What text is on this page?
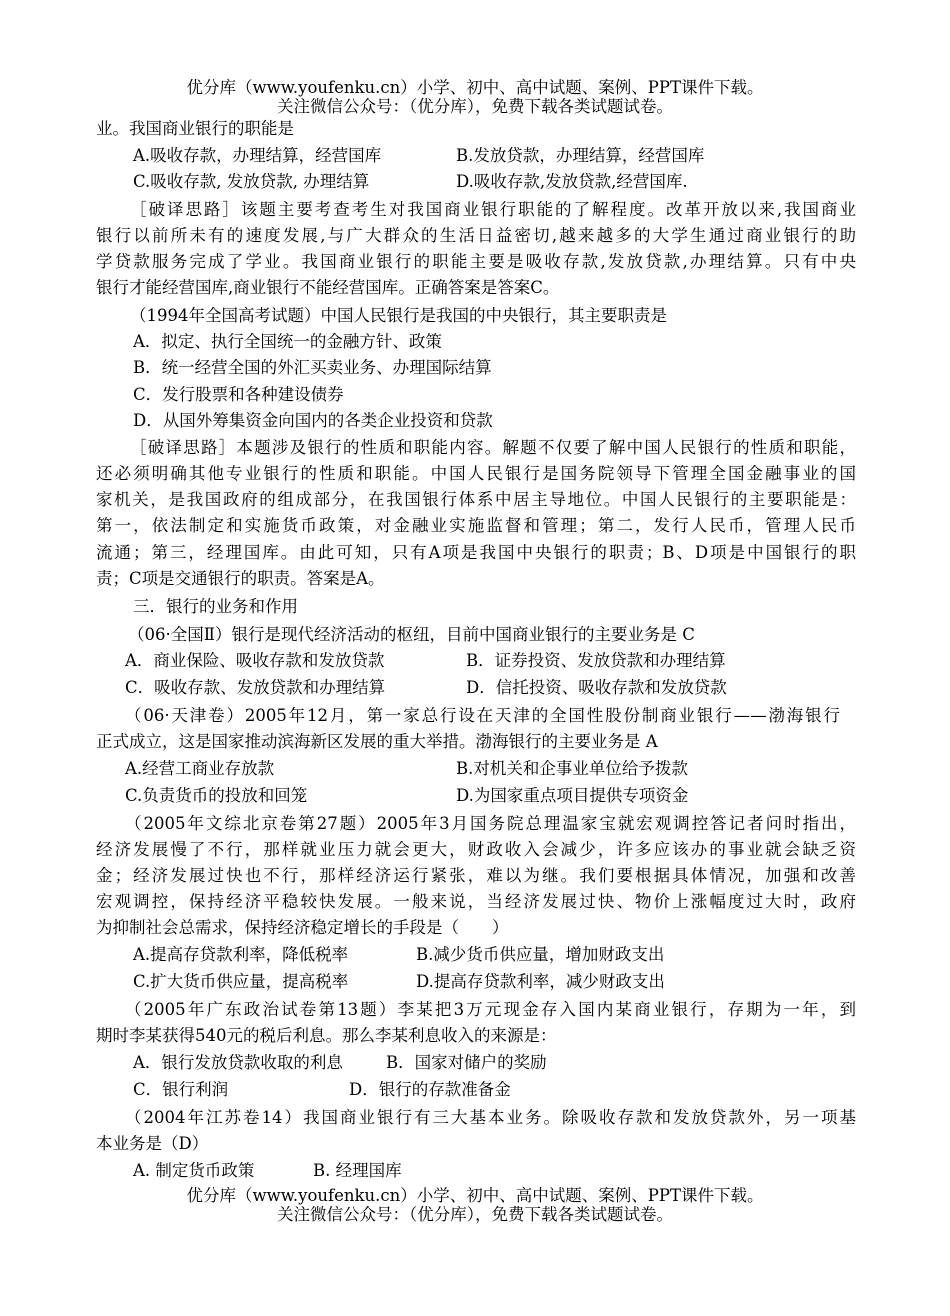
优分库（www.youfenku.cn）小学、初中、高中试题、案例、PPT课件下载。
关注微信公众号：（优分库），免费下载各类试题试卷。
业。我国商业银行的职能是
A.吸收存款，办理结算，经营国库	B.发放贷款，办理结算，经营国库
C.吸收存款, 发放贷款, 办理结算	D.吸收存款,发放贷款,经营国库.
［破译思路］该题主要考查考生对我国商业银行职能的了解程度。改革开放以来,我国商业
银行以前所未有的速度发展,与广大群众的生活日益密切,越来越多的大学生通过商业银行的助
学贷款服务完成了学业。我国商业银行的职能主要是吸收存款,发放贷款,办理结算。只有中央
银行才能经营国库,商业银行不能经营国库。正确答案是答案C。
（1994年全国高考试题）中国人民银行是我国的中央银行，其主要职责是
A．拟定、执行全国统一的金融方针、政策
B．统一经营全国的外汇买卖业务、办理国际结算
C．发行股票和各种建设债券
D．从国外筹集资金向国内的各类企业投资和贷款
［破译思路］本题涉及银行的性质和职能内容。解题不仅要了解中国人民银行的性质和职能，
还必须明确其他专业银行的性质和职能。中国人民银行是国务院领导下管理全国金融事业的国
家机关，是我国政府的组成部分，在我国银行体系中居主导地位。中国人民银行的主要职能是：
第一，依法制定和实施货币政策，对金融业实施监督和管理；第二，发行人民币，管理人民币
流通；第三，经理国库。由此可知，只有A项是我国中央银行的职责；B、D项是中国银行的职
责；C项是交通银行的职责。答案是A。
三．银行的业务和作用
（06·全国Ⅱ）银行是现代经济活动的枢纽，目前中国商业银行的主要业务是 C
A．商业保险、吸收存款和发放贷款	B．证券投资、发放贷款和办理结算
C．吸收存款、发放贷款和办理结算	D．信托投资、吸收存款和发放贷款
（06·天津卷）2005年12月，第一家总行设在天津的全国性股份制商业银行——渤海银行
正式成立，这是国家推动滨海新区发展的重大举措。渤海银行的主要业务是 A
A.经营工商业存放款	B.对机关和企事业单位给予拨款
C.负责货币的投放和回笼	D.为国家重点项目提供专项资金
（2005年文综北京卷第27题）2005年3月国务院总理温家宝就宏观调控答记者问时指出，
经济发展慢了不行，那样就业压力就会更大，财政收入会减少，许多应该办的事业就会缺乏资
金；经济发展过快也不行，那样经济运行紧张，难以为继。我们要根据具体情况，加强和改善
宏观调控，保持经济平稳较快发展。一般来说，当经济发展过快、物价上涨幅度过大时，政府
为抑制社会总需求，保持经济稳定增长的手段是（　　）
A.提高存贷款利率，降低税率	B.减少货币供应量，增加财政支出
C.扩大货币供应量，提高税率	D.提高存贷款利率，减少财政支出
（2005年广东政治试卷第13题）李某把3万元现金存入国内某商业银行，存期为一年，到
期时李某获得540元的税后利息。那么李某利息收入的来源是：
A．银行发放贷款收取的利息	B．国家对储户的奖励
C．银行利润	D．银行的存款准备金
（2004年江苏卷14）我国商业银行有三大基本业务。除吸收存款和发放贷款外，另一项基
本业务是（D）
A. 制定货币政策	B. 经理国库
优分库（www.youfenku.cn）小学、初中、高中试题、案例、PPT课件下载。
关注微信公众号：（优分库），免费下载各类试题试卷。
